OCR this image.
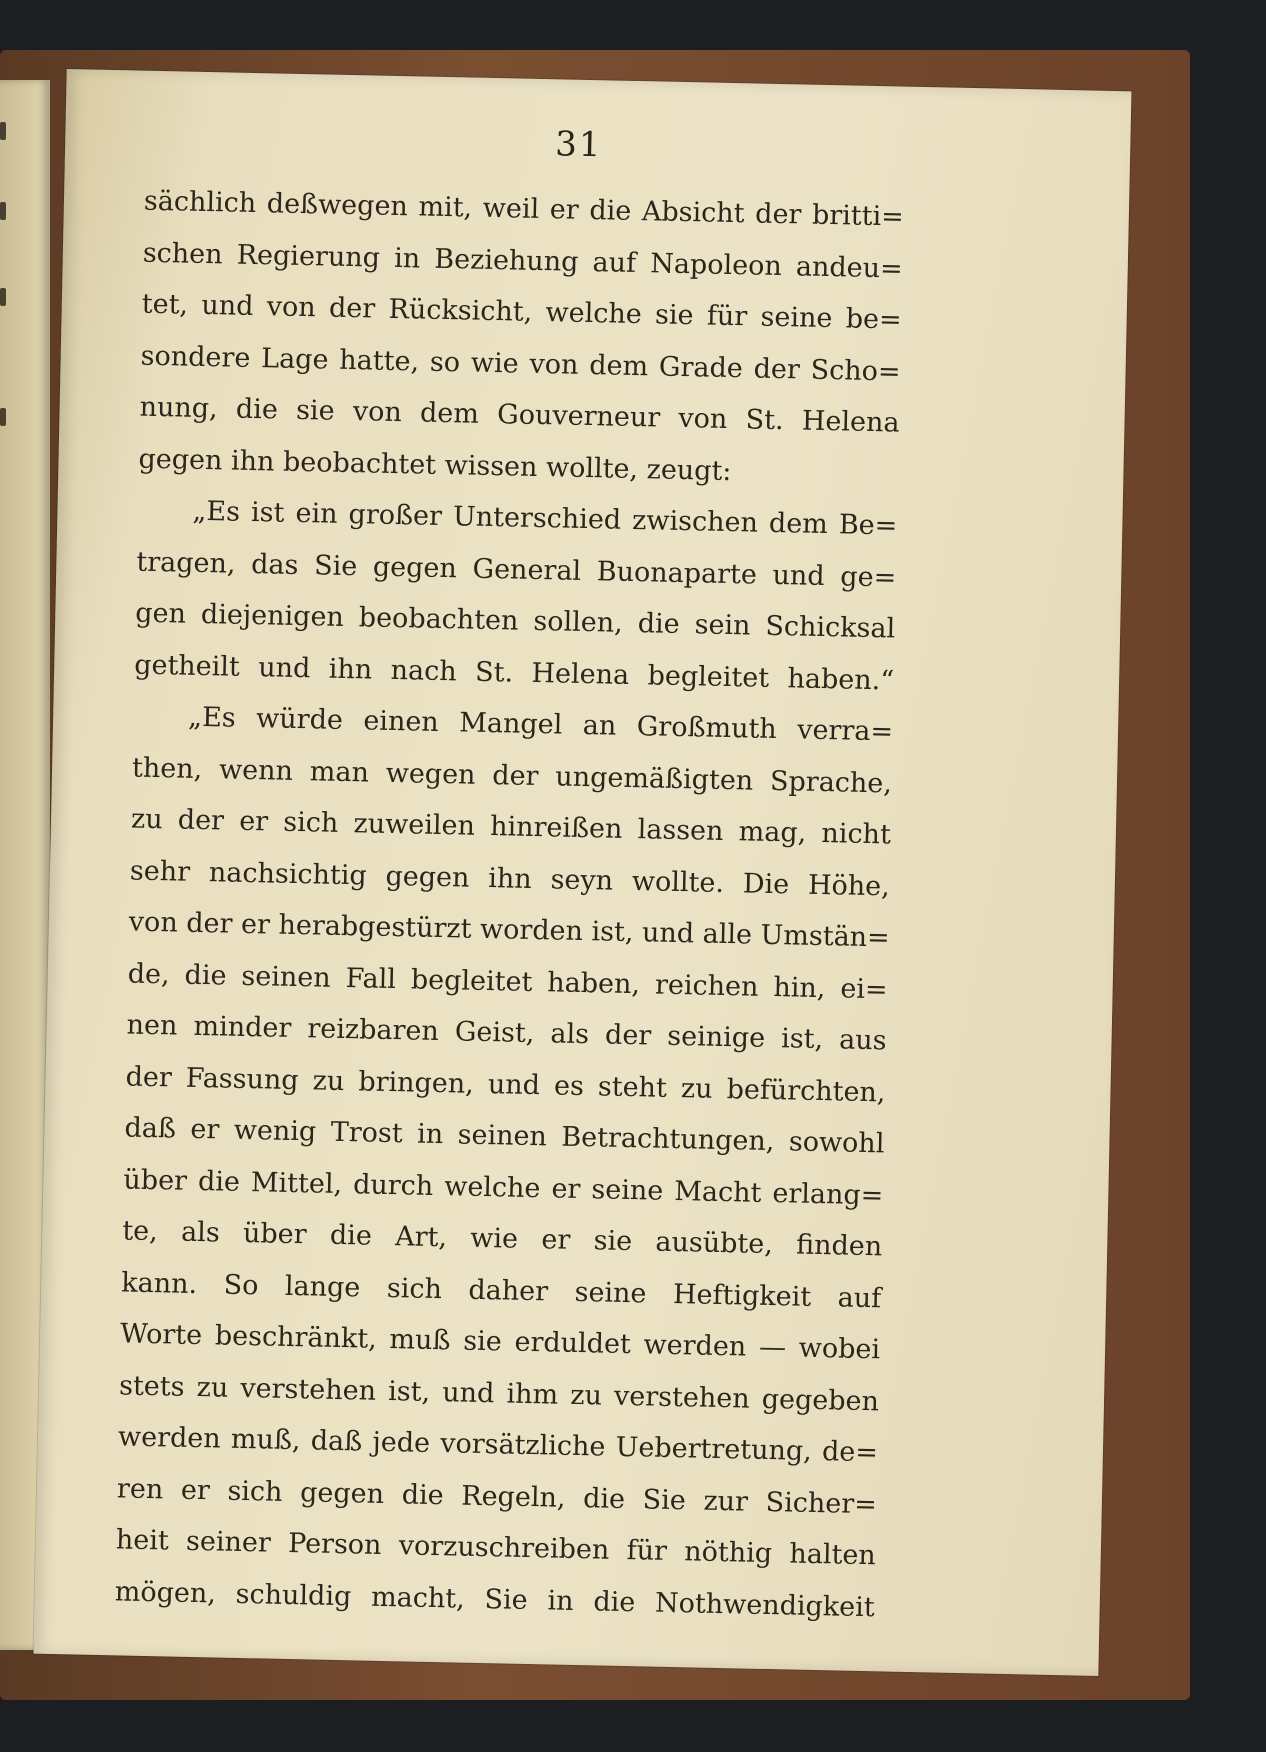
31
sächlich deßwegen mit, weil er die Absicht der britti=
schen Regierung in Beziehung auf Napoleon andeu=
tet, und von der Rücksicht, welche sie für seine be=
sondere Lage hatte, so wie von dem Grade der Scho=
nung, die sie von dem Gouverneur von St. Helena
gegen ihn beobachtet wissen wollte, zeugt:
„Es ist ein großer Unterschied zwischen dem Be=
tragen, das Sie gegen General Buonaparte und ge=
gen diejenigen beobachten sollen, die sein Schicksal
getheilt und ihn nach St. Helena begleitet haben.“
„Es würde einen Mangel an Großmuth verra=
then, wenn man wegen der ungemäßigten Sprache,
zu der er sich zuweilen hinreißen lassen mag, nicht
sehr nachsichtig gegen ihn seyn wollte. Die Höhe,
von der er herabgestürzt worden ist, und alle Umstän=
de, die seinen Fall begleitet haben, reichen hin, ei=
nen minder reizbaren Geist, als der seinige ist, aus
der Fassung zu bringen, und es steht zu befürchten,
daß er wenig Trost in seinen Betrachtungen, sowohl
über die Mittel, durch welche er seine Macht erlang=
te, als über die Art, wie er sie ausübte, finden
kann. So lange sich daher seine Heftigkeit auf
Worte beschränkt, muß sie erduldet werden — wobei
stets zu verstehen ist, und ihm zu verstehen gegeben
werden muß, daß jede vorsätzliche Uebertretung, de=
ren er sich gegen die Regeln, die Sie zur Sicher=
heit seiner Person vorzuschreiben für nöthig halten
mögen, schuldig macht, Sie in die Nothwendigkeit
